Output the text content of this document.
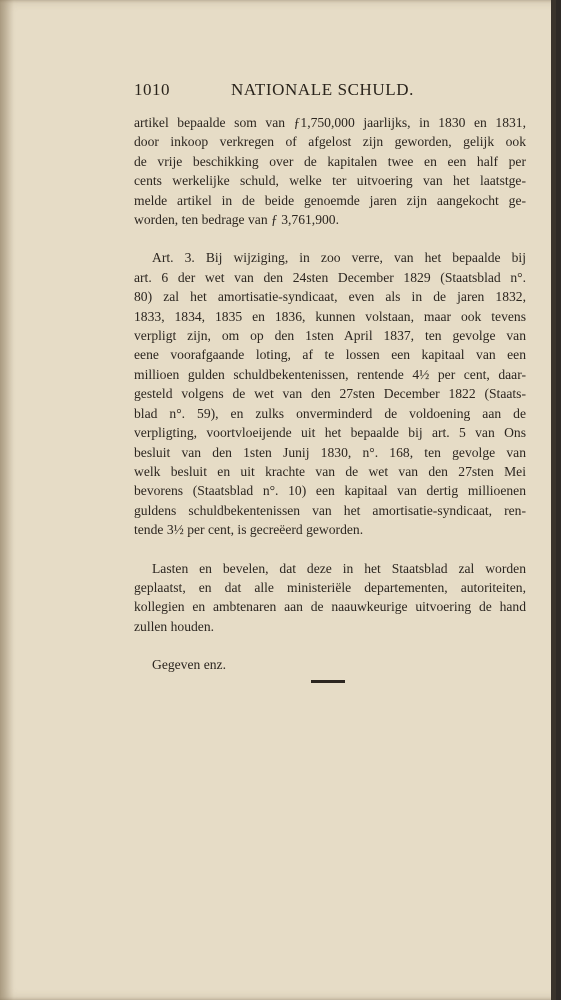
1010	NATIONALE SCHULD.
artikel bepaalde som van ƒ1,750,000 jaarlijks, in 1830 en 1831,
door inkoop verkregen of afgelost zijn geworden, gelijk ook
de vrije beschikking over de kapitalen twee en een half per
cents werkelijke schuld, welke ter uitvoering van het laatstge-
melde artikel in de beide genoemde jaren zijn aangekocht ge-
worden, ten bedrage van ƒ 3,761,900.
Art. 3. Bij wijziging, in zoo verre, van het bepaalde bij
art. 6 der wet van den 24sten December 1829 (Staatsblad n°.
80) zal het amortisatie-syndicaat, even als in de jaren 1832,
1833, 1834, 1835 en 1836, kunnen volstaan, maar ook tevens
verpligt zijn, om op den 1sten April 1837, ten gevolge van
eene voorafgaande loting, af te lossen een kapitaal van een
millioen gulden schuldbekentenissen, rentende 4½ per cent, daar-
gesteld volgens de wet van den 27sten December 1822 (Staats-
blad n°. 59), en zulks onverminderd de voldoening aan de
verpligting, voortvloeijende uit het bepaalde bij art. 5 van Ons
besluit van den 1sten Junij 1830, n°. 168, ten gevolge van
welk besluit en uit krachte van de wet van den 27sten Mei
bevorens (Staatsblad n°. 10) een kapitaal van dertig millioenen
guldens schuldbekentenissen van het amortisatie-syndicaat, ren-
tende 3½ per cent, is gecreëerd geworden.
Lasten en bevelen, dat deze in het Staatsblad zal worden
geplaatst, en dat alle ministeriële departementen, autoriteiten,
kollegien en ambtenaren aan de naauwkeurige uitvoering de hand
zullen houden.
Gegeven enz.
